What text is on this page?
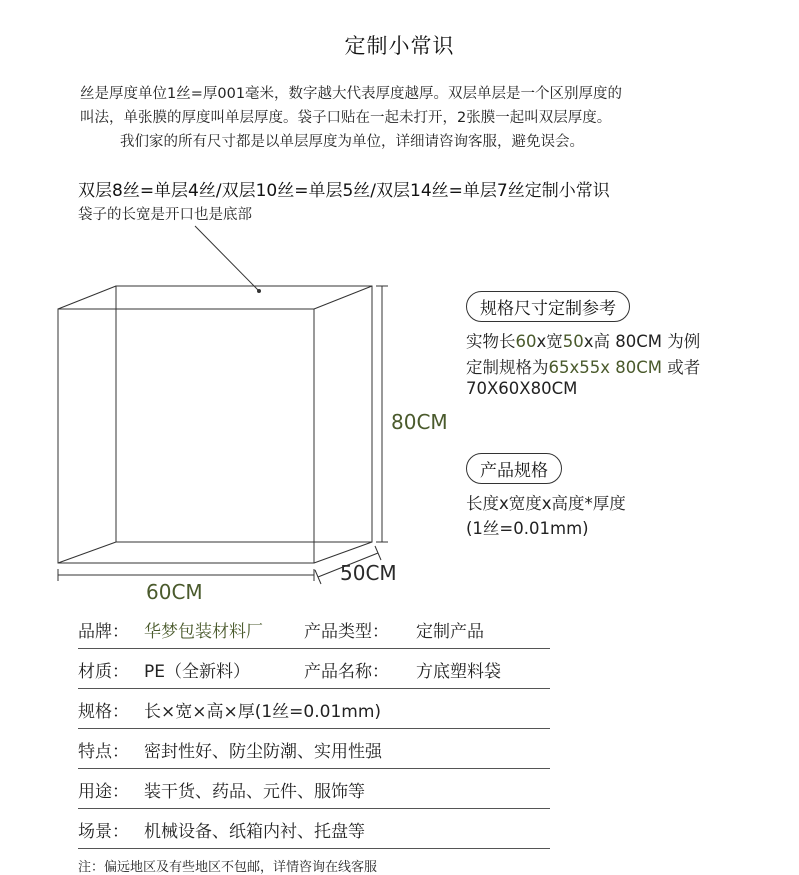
定制小常识
丝是厚度单位1丝=厚001毫米，数字越大代表厚度越厚。双层单层是一个区别厚度的
叫法，单张膜的厚度叫单层厚度。袋子口贴在一起未打开，2张膜一起叫双层厚度。
我们家的所有尺寸都是以单层厚度为单位，详细请咨询客服，避免误会。
双层8丝=单层4丝/双层10丝=单层5丝/双层14丝=单层7丝定制小常识
袋子的长宽是开口也是底部
80CM
60CM
50CM
规格尺寸定制参考
实物长60x宽50x高 80CM 为例
定制规格为65x55x 80CM 或者
70X60X80CM
产品规格
长度x宽度x高度*厚度
(1丝=0.01mm)
品牌： 华梦包装材料厂 产品类型： 定制产品
材质： PE（全新料）	产品名称： 方底塑料袋
规格： 长×宽×高×厚(1丝=0.01mm)
特点： 密封性好、防尘防潮、实用性强
用途： 装干货、药品、元件、服饰等
场景： 机械设备、纸箱内衬、托盘等
注：偏远地区及有些地区不包邮，详情咨询在线客服
